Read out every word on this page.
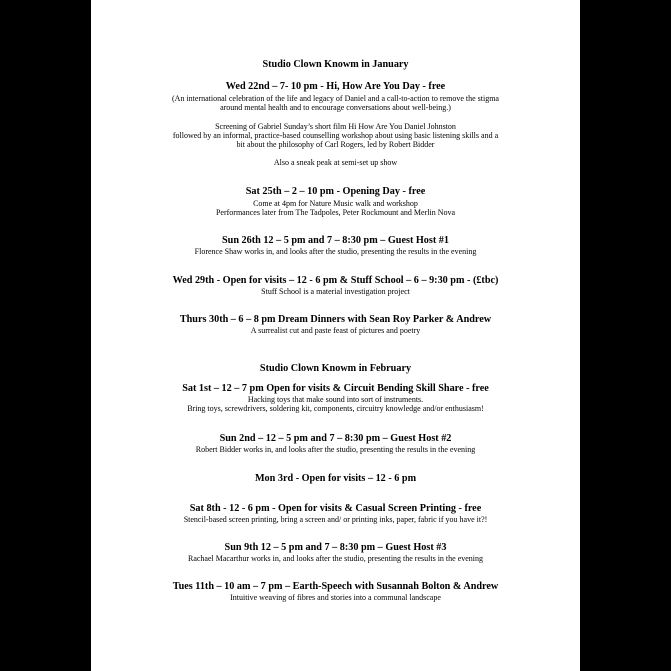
Studio Clown Knowm in January
Wed 22nd – 7- 10 pm - Hi, How Are You Day - free
(An international celebration of the life and legacy of Daniel and a call-to-action to remove the stigma
around mental health and to encourage conversations about well-being.)
Screening of Gabriel Sunday’s short film Hi How Are You Daniel Johnston
followed by an informal, practice-based counselling workshop about using basic listening skills and a
bit about the philosophy of Carl Rogers, led by Robert Bidder
Also a sneak peak at semi-set up show
Sat 25th – 2 – 10 pm - Opening Day - free
Come at 4pm for Nature Music walk and workshop
Performances later from The Tadpoles, Peter Rockmount and Merlin Nova
Sun 26th 12 – 5 pm and 7 – 8:30 pm – Guest Host #1
Florence Shaw works in, and looks after the studio, presenting the results in the evening
Wed 29th - Open for visits – 12 - 6 pm & Stuff School – 6 – 9:30 pm - (£tbc)
Stuff School is a material investigation project
Thurs 30th – 6 – 8 pm Dream Dinners with Sean Roy Parker & Andrew
A surrealist cut and paste feast of pictures and poetry
Studio Clown Knowm in February
Sat 1st – 12 – 7 pm Open for visits & Circuit Bending Skill Share - free
Hacking toys that make sound into sort of instruments.
Bring toys, screwdrivers, soldering kit, components, circuitry knowledge and/or enthusiasm!
Sun 2nd – 12 – 5 pm and 7 – 8:30 pm – Guest Host #2
Robert Bidder works in, and looks after the studio, presenting the results in the evening
Mon 3rd - Open for visits – 12 - 6 pm
Sat 8th - 12 - 6 pm - Open for visits & Casual Screen Printing - free
Stencil-based screen printing, bring a screen and/ or printing inks, paper, fabric if you have it?!
Sun 9th 12 – 5 pm and 7 – 8:30 pm – Guest Host #3
Rachael Macarthur works in, and looks after the studio, presenting the results in the evening
Tues 11th – 10 am – 7 pm – Earth-Speech with Susannah Bolton & Andrew
Intuitive weaving of fibres and stories into a communal landscape
